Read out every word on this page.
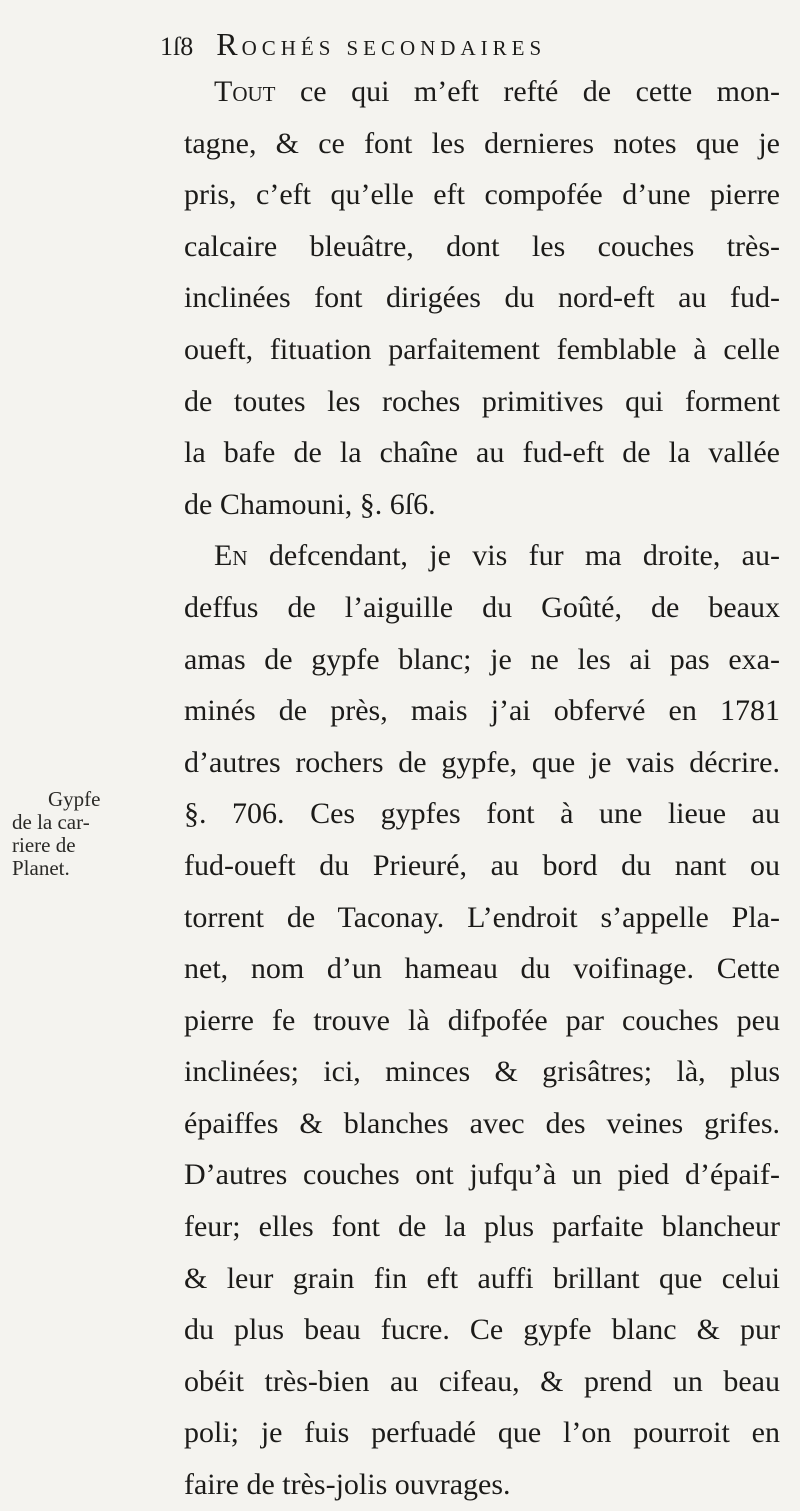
1ſ8 ROCHÉS SECONDAIRES
Gypfe
de la car-
riere de
Planet.
Tout ce qui m’eft refté de cette mon-
tagne, & ce font les dernieres notes que je
pris, c’eft qu’elle eft compofée d’une pierre
calcaire bleuâtre, dont les couches très-
inclinées font dirigées du nord-eft au fud-
oueft, fituation parfaitement femblable à celle
de toutes les roches primitives qui forment
la bafe de la chaîne au fud-eft de la vallée
de Chamouni, §. 6ſ6.
En defcendant, je vis fur ma droite, au-
deffus de l’aiguille du Goûté, de beaux
amas de gypfe blanc; je ne les ai pas exa-
minés de près, mais j’ai obfervé en 1781
d’autres rochers de gypfe, que je vais décrire.
§. 706. Ces gypfes font à une lieue au
fud-oueft du Prieuré, au bord du nant ou
torrent de Taconay. L’endroit s’appelle Pla-
net, nom d’un hameau du voifinage. Cette
pierre fe trouve là difpofée par couches peu
inclinées; ici, minces & grisâtres; là, plus
épaiffes & blanches avec des veines grifes.
D’autres couches ont jufqu’à un pied d’épaif-
feur; elles font de la plus parfaite blancheur
& leur grain fin eft auffi brillant que celui
du plus beau fucre. Ce gypfe blanc & pur
obéit très-bien au cifeau, & prend un beau
poli; je fuis perfuadé que l’on pourroit en
faire de très-jolis ouvrages.
